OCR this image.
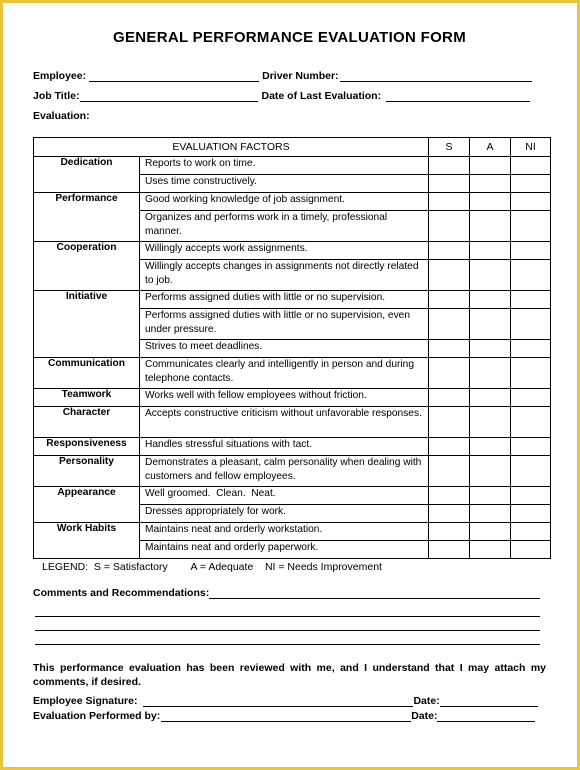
GENERAL PERFORMANCE EVALUATION FORM
Employee:	Driver Number:
Job Title:	Date of Last Evaluation:
Evaluation:
EVALUATION FACTORS		S	A	NI
Dedication	Reports to work on time.			
	Uses time constructively.			
Performance	Good working knowledge of job assignment.			
	Organizes and performs work in a timely, professional manner.			
Cooperation	Willingly accepts work assignments.			
	Willingly accepts changes in assignments not directly related to job.			
Initiative	Performs assigned duties with little or no supervision.			
	Performs assigned duties with little or no supervision, even under pressure.			
	Strives to meet deadlines.			
Communication	Communicates clearly and intelligently in person and during telephone contacts.			
Teamwork	Works well with fellow employees without friction.			
Character	Accepts constructive criticism without unfavorable responses.			
Responsiveness	Handles stressful situations with tact.			
Personality	Demonstrates a pleasant, calm personality when dealing with customers and fellow employees.			
Appearance	Well groomed.  Clean.  Neat.			
	Dresses appropriately for work.			
Work Habits	Maintains neat and orderly workstation.			
	Maintains neat and orderly paperwork.			
LEGEND:  S = Satisfactory        A = Adequate    NI = Needs Improvement
Comments and Recommendations:
This performance evaluation has been reviewed with me, and I understand that I may attach my comments, if desired.
Employee Signature:	Date:
Evaluation Performed by:	Date:
